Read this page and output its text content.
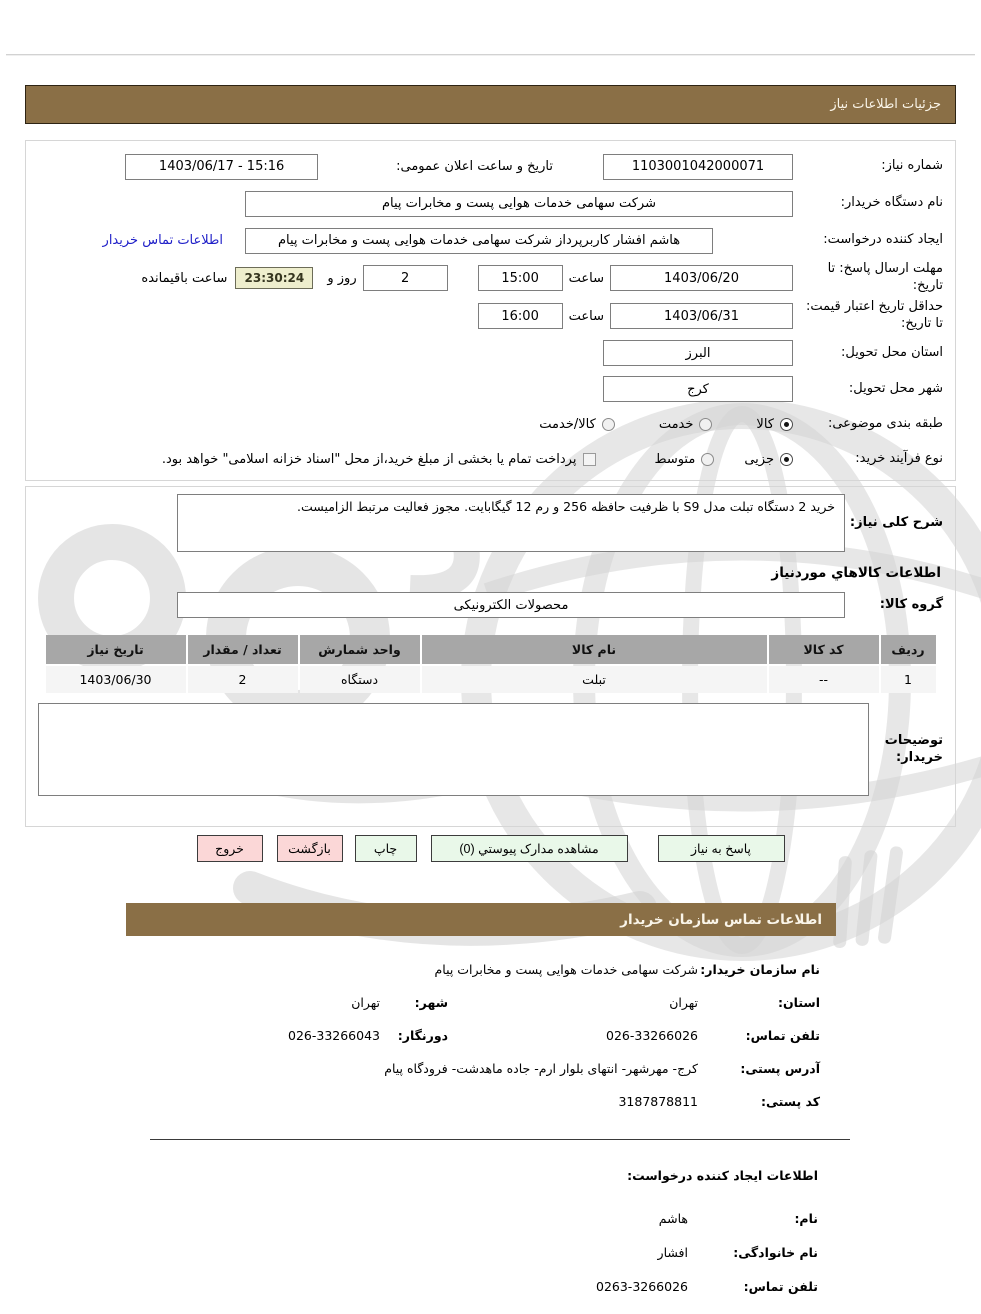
جزئیات اطلاعات نیاز
شماره نیاز:
1103001042000071
تاریخ و ساعت اعلان عمومی:
1403/06/17 - 15:16
نام دستگاه خریدار:
شرکت سهامی خدمات هوایی پست و مخابرات پیام
ایجاد کننده درخواست:
هاشم افشار کاربرپرداز شرکت سهامی خدمات هوایی پست و مخابرات پیام
اطلاعات تماس خریدار
مهلت ارسال پاسخ: تا تاریخ:
1403/06/20
ساعت
15:00
2
روز و
23:30:24
ساعت باقیمانده
حداقل تاریخ اعتبار قیمت: تا تاریخ:
1403/06/31
ساعت
16:00
استان محل تحویل:
البرز
شهر محل تحویل:
کرج
طبقه بندی موضوعی:
کالا
خدمت
کالا/خدمت
نوع فرآیند خرید:
جزیی
متوسط
پرداخت تمام یا بخشی از مبلغ خرید،از محل "اسناد خزانه اسلامی" خواهد بود.
شرح کلی نیاز:
خرید 2 دستگاه تبلت مدل S9 با ظرفیت حافظه 256 و رم 12 گیگابایت. مجوز فعالیت مرتبط الزامیست.
اطلاعات کالاهاي موردنیاز
گروه کالا:
محصولات الکترونیکی
ردیف
کد کالا
نام کالا
واحد شمارش
تعداد / مقدار
تاریخ نیاز
1
--
تبلت
دستگاه
2
1403/06/30
توضیحات خریدار:
پاسخ به نیاز
مشاهده مدارک پیوستي (0)
چاپ
بازگشت
خروج
اطلاعات تماس سازمان خریدار
نام سازمان خریدار:
شرکت سهامی خدمات هوایی پست و مخابرات پیام
استان:
تهران
شهر:
تهران
تلفن تماس:
026-33266026
دورنگار:
026-33266043
آدرس پستی:
کرج- مهرشهر- انتهای بلوار ارم- جاده ماهدشت- فرودگاه پیام
کد پستی:
3187878811
اطلاعات ایجاد کننده درخواست:
نام:
هاشم
نام خانوادگی:
افشار
تلفن تماس:
0263-3266026
